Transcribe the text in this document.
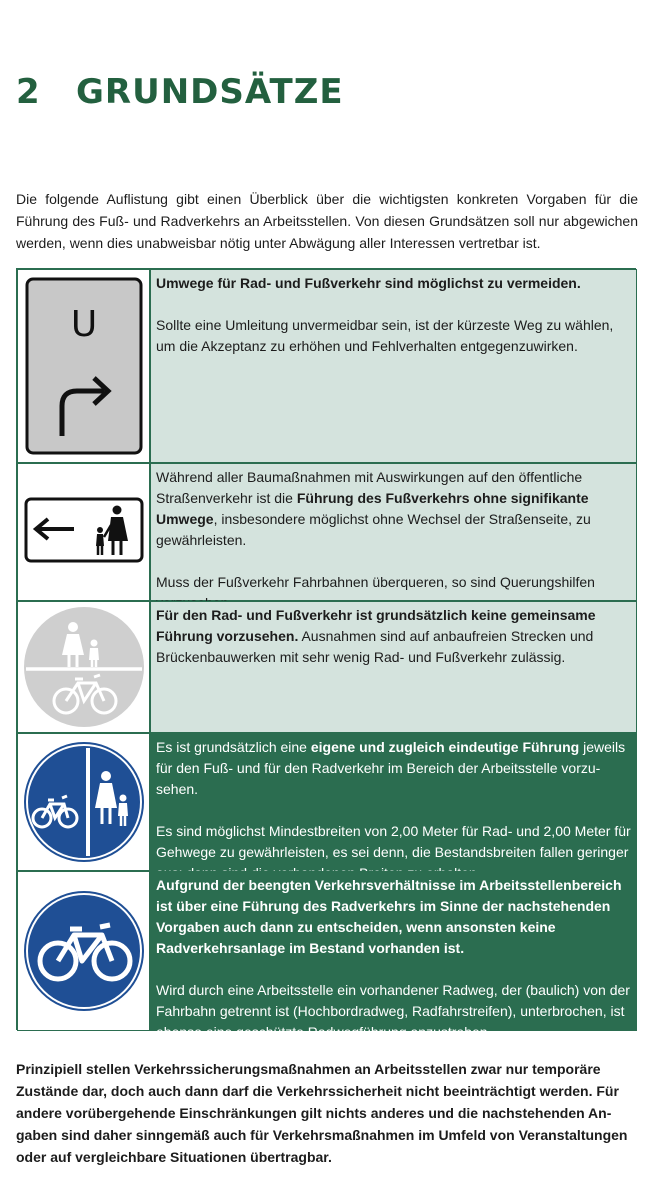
2 GRUNDSÄTZE

Die folgende Auflistung gibt einen Überblick über die wichtigsten konkreten Vorgaben für die Führung des Fuß- und Radverkehrs an Arbeitsstellen. Von diesen Grundsätzen soll nur abgewichen werden, wenn dies unabweisbar nötig unter Abwägung aller Interessen vertretbar ist.

U

Umwege für Rad- und Fußverkehr sind möglichst zu vermeiden.

Sollte eine Umleitung unvermeidbar sein, ist der kürzeste Weg zu wählen, um die Akzeptanz zu erhöhen und Fehlverhalten entgegenzuwirken.

Während aller Baumaßnahmen mit Auswirkungen auf den öffentliche Straßenverkehr ist die Führung des Fußverkehrs ohne signifikante Umwege, insbesondere möglichst ohne Wechsel der Straßenseite, zu gewährleisten.

Muss der Fußverkehr Fahrbahnen überqueren, so sind Querungshilfen

Für den Rad- und Fußverkehr ist grundsätzlich keine gemeinsame Führung vorzusehen. Ausnahmen sind auf anbaufreien Strecken und Brückenbauwerken mit sehr wenig Rad- und Fußverkehr zulässig.

Es ist grundsätzlich eine eigene und zugleich eindeutige Führung jeweils für den Fuß- und für den Radverkehr im Bereich der Arbeitsstelle vorzusehen.

Es sind möglichst Mindestbreiten von 2,00 Meter für Rad- und 2,00 Meter für Gehwege zu gewährleisten, es sei denn, die Bestandsbreiten fallen geringer

Aufgrund der beengten Verkehrsverhältnisse im Arbeitsstellenbereich ist über eine Führung des Radverkehrs im Sinne der nachstehenden Vorgaben auch dann zu entscheiden, wenn ansonsten keine Radverkehrsanlage im Bestand vorhanden ist.

Wird durch eine Arbeitsstelle ein vorhandener Radweg, der (baulich) von der Fahrbahn getrennt ist (Hochbordradweg, Radfahrstreifen), unterbrochen, ist ebenso eine geschützte Radwegführung anzustreben.

Prinzipiell stellen Verkehrssicherungsmaßnahmen an Arbeitsstellen zwar nur temporäre Zustände dar, doch auch dann darf die Verkehrssicherheit nicht beeinträchtigt werden. Für andere vorübergehende Einschränkungen gilt nichts anderes und die nachstehenden Angaben sind daher sinngemäß auch für Verkehrsmaßnahmen im Umfeld von Veranstaltungen oder auf vergleichbare Situationen übertragbar.
